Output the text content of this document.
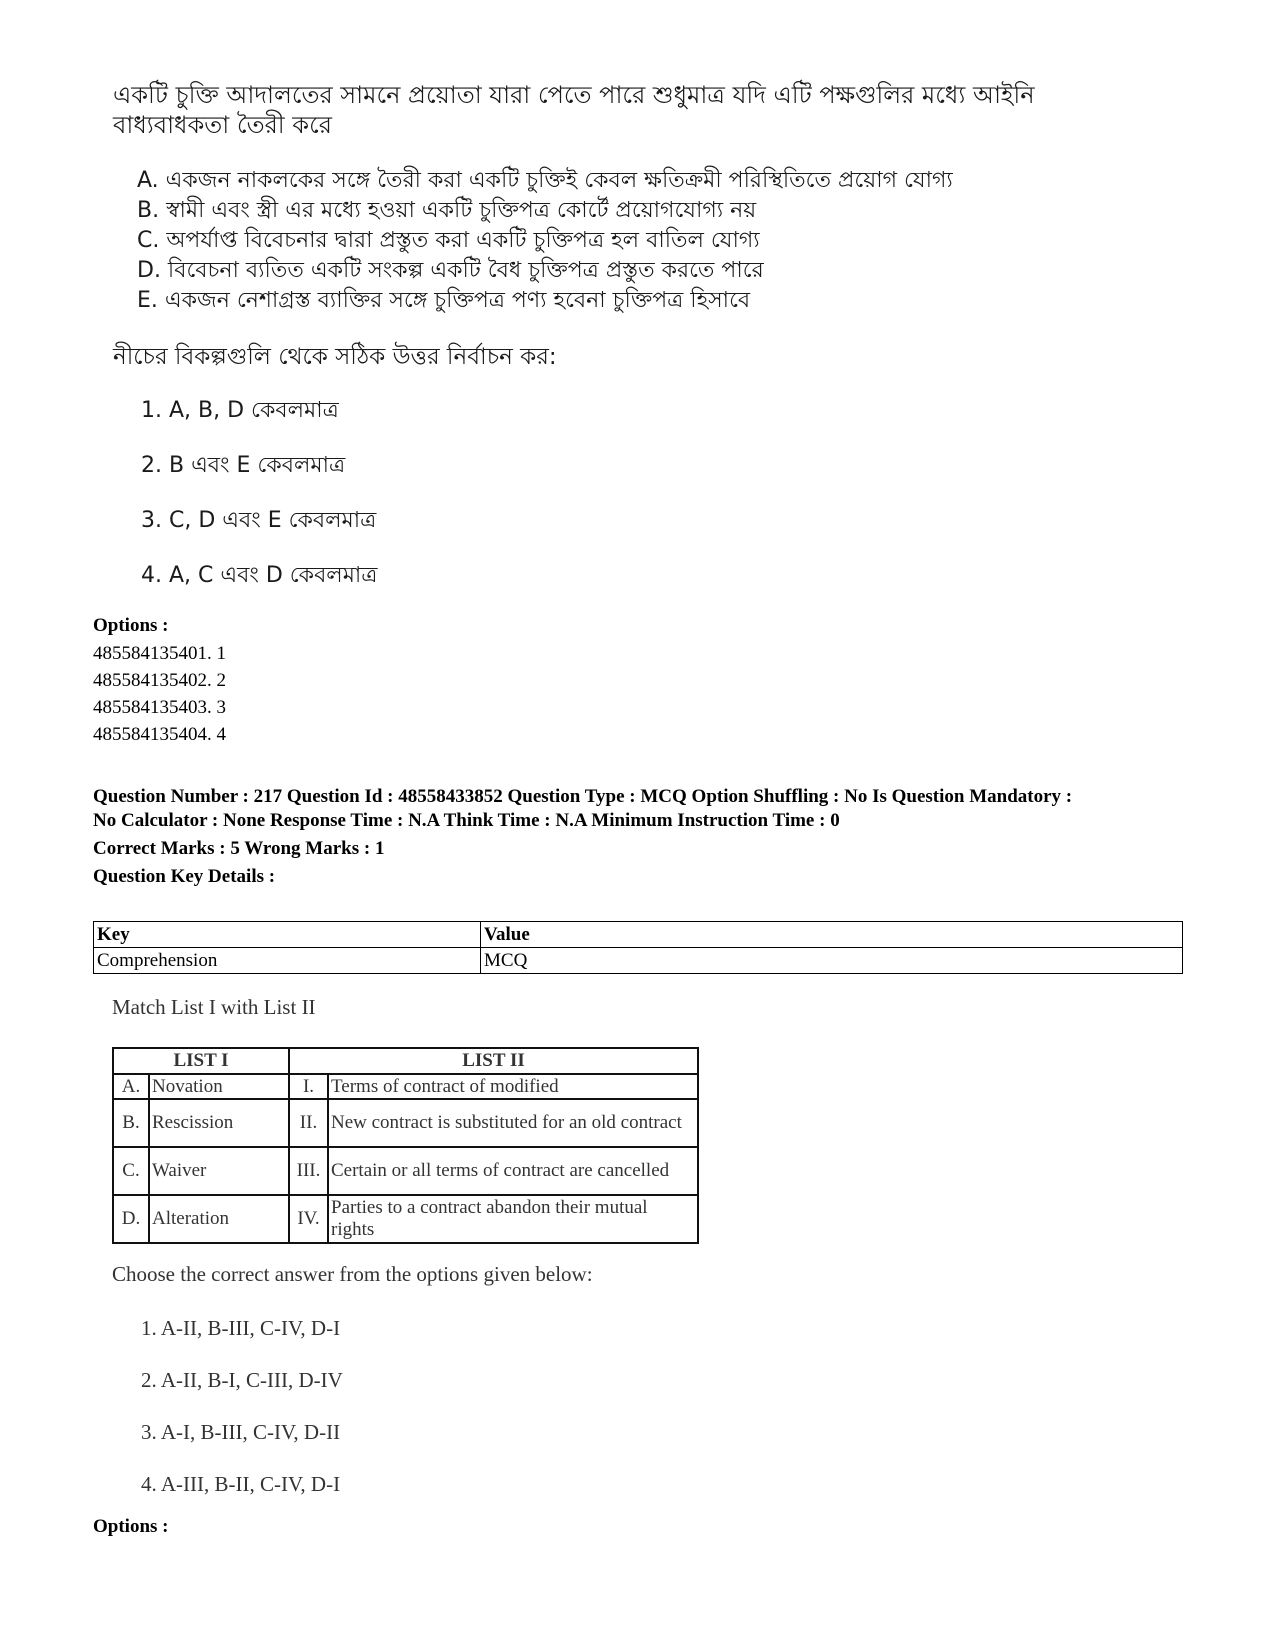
একটি চুক্তি আদালতের সামনে প্রয়োতা যারা পেতে পারে শুধুমাত্র যদি এটি পক্ষগুলির মধ্যে আইনি
বাধ্যবাধকতা তৈরী করে
A. একজন নাকলকের সঙ্গে তৈরী করা একটি চুক্তিই কেবল ক্ষতিক্রমী পরিস্থিতিতে প্রয়োগ যোগ্য
B. স্বামী এবং স্ত্রী এর মধ্যে হওয়া একটি চুক্তিপত্র কোর্টে প্রয়োগযোগ্য নয়
C. অপর্যাপ্ত বিবেচনার দ্বারা প্রস্তুত করা একটি চুক্তিপত্র হল বাতিল যোগ্য
D. বিবেচনা ব্যতিত একটি সংকল্প একটি বৈধ চুক্তিপত্র প্রস্তুত করতে পারে
E. একজন নেশাগ্রস্ত ব্যাক্তির সঙ্গে চুক্তিপত্র পণ্য হবেনা চুক্তিপত্র হিসাবে
নীচের বিকল্পগুলি থেকে সঠিক উত্তর নির্বাচন কর:
1. A, B, D কেবলমাত্র
2. B এবং E কেবলমাত্র
3. C, D এবং E কেবলমাত্র
4. A, C এবং D কেবলমাত্র
Options :
485584135401. 1
485584135402. 2
485584135403. 3
485584135404. 4
Question Number : 217 Question Id : 48558433852 Question Type : MCQ Option Shuffling : No Is Question Mandatory :
No Calculator : None Response Time : N.A Think Time : N.A Minimum Instruction Time : 0
Correct Marks : 5 Wrong Marks : 1
Question Key Details :
Key	Value
Comprehension	MCQ
Match List I with List II
LIST I		LIST II	
A.	Novation	I.	Terms of contract of modified
B.	Rescission	II.	New contract is substituted for an old contract
C.	Waiver	III.	Certain or all terms of contract are cancelled
D.	Alteration	IV.	Parties to a contract abandon their mutual rights
Choose the correct answer from the options given below:
1. A-II, B-III, C-IV, D-I
2. A-II, B-I, C-III, D-IV
3. A-I, B-III, C-IV, D-II
4. A-III, B-II, C-IV, D-I
Options :
